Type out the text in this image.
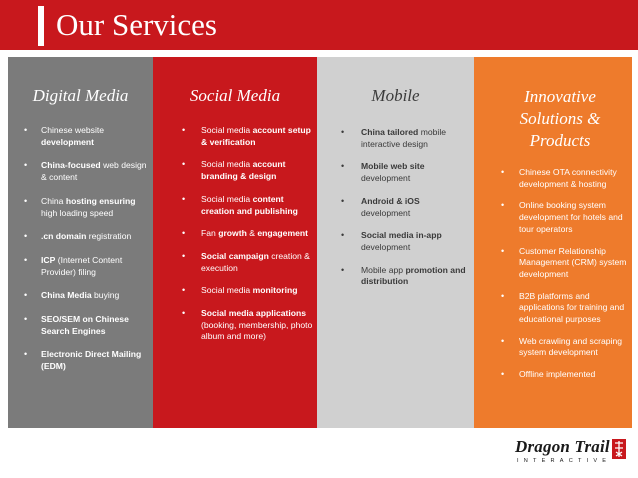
Our Services
Digital Media
• Chinese website development
• China-focused web design & content
• China hosting ensuring high loading speed
• .cn domain registration
• ICP (Internet Content Provider) filing
• China Media buying
• SEO/SEM on Chinese Search Engines
• Electronic Direct Mailing (EDM)
Social Media
• Social media account setup & verification
• Social media account branding & design
• Social media content creation and publishing
• Fan growth & engagement
• Social campaign creation & execution
• Social media monitoring
• Social media applications (booking, membership, photo album and more)
Mobile
• China tailored mobile interactive design
• Mobile web site development
• Android & iOS development
• Social media in-app development
• Mobile app promotion and distribution
Innovative Solutions & Products
• Chinese OTA connectivity development & hosting
• Online booking system development for hotels and tour operators
• Customer Relationship Management (CRM) system development
• B2B platforms and applications for training and educational purposes
• Web crawling and scraping system development
• Offline implemented

Dragon Trail

INTERACTIVE
